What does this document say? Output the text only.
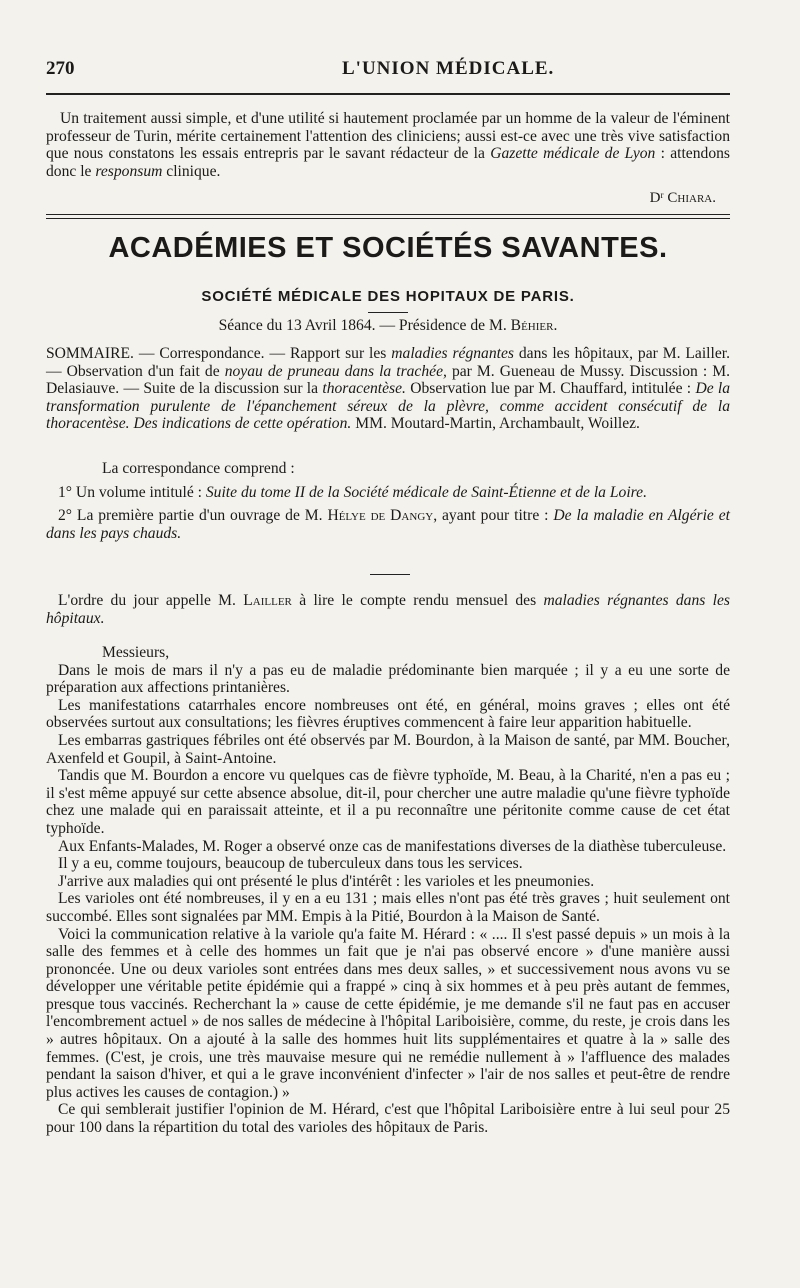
270	L'UNION MÉDICALE.

Un traitement aussi simple, et d'une utilité si hautement proclamée par un homme de la valeur de l'éminent professeur de Turin, mérite certainement l'attention des cliniciens; aussi est-ce avec une très vive satisfaction que nous constatons les essais entrepris par le savant rédacteur de la Gazette médicale de Lyon : attendons donc le responsum clinique.

Dʳ Chiara.
ACADÉMIES ET SOCIÉTÉS SAVANTES.
SOCIÉTÉ MÉDICALE DES HOPITAUX DE PARIS.
Séance du 13 Avril 1864. — Présidence de M. Béhier.

SOMMAIRE. — Correspondance. — Rapport sur les maladies régnantes dans les hôpitaux, par M. Lailler. — Observation d'un fait de noyau de pruneau dans la trachée, par M. Gueneau de Mussy. Discussion : M. Delasiauve. — Suite de la discussion sur la thoracentèse. Observation lue par M. Chauffard, intitulée : De la transformation purulente de l'épanchement séreux de la plèvre, comme accident consécutif de la thoracentèse. Des indications de cette opération. MM. Moutard-Martin, Archambault, Woillez.

La correspondance comprend :

1° Un volume intitulé : Suite du tome II de la Société médicale de Saint-Étienne et de la Loire.

2° La première partie d'un ouvrage de M. Hélye de Dangy, ayant pour titre : De la maladie en Algérie et dans les pays chauds.

L'ordre du jour appelle M. Lailler à lire le compte rendu mensuel des maladies régnantes dans les hôpitaux.

Messieurs,

Dans le mois de mars il n'y a pas eu de maladie prédominante bien marquée ; il y a eu une sorte de préparation aux affections printanières.

Les manifestations catarrhales encore nombreuses ont été, en général, moins graves ; elles ont été observées surtout aux consultations; les fièvres éruptives commencent à faire leur apparition habituelle.

Les embarras gastriques fébriles ont été observés par M. Bourdon, à la Maison de santé, par MM. Boucher, Axenfeld et Goupil, à Saint-Antoine.

Tandis que M. Bourdon a encore vu quelques cas de fièvre typhoïde, M. Beau, à la Charité, n'en a pas eu ; il s'est même appuyé sur cette absence absolue, dit-il, pour chercher une autre maladie qu'une fièvre typhoïde chez une malade qui en paraissait atteinte, et il a pu reconnaître une péritonite comme cause de cet état typhoïde.

Aux Enfants-Malades, M. Roger a observé onze cas de manifestations diverses de la diathèse tuberculeuse.

Il y a eu, comme toujours, beaucoup de tuberculeux dans tous les services.

J'arrive aux maladies qui ont présenté le plus d'intérêt : les varioles et les pneumonies.

Les varioles ont été nombreuses, il y en a eu 131 ; mais elles n'ont pas été très graves ; huit seulement ont succombé. Elles sont signalées par MM. Empis à la Pitié, Bourdon à la Maison de Santé.

Voici la communication relative à la variole qu'a faite M. Hérard : « .... Il s'est passé depuis » un mois à la salle des femmes et à celle des hommes un fait que je n'ai pas observé encore » d'une manière aussi prononcée. Une ou deux varioles sont entrées dans mes deux salles, » et successivement nous avons vu se développer une véritable petite épidémie qui a frappé » cinq à six hommes et à peu près autant de femmes, presque tous vaccinés. Recherchant la » cause de cette épidémie, je me demande s'il ne faut pas en accuser l'encombrement actuel » de nos salles de médecine à l'hôpital Lariboisière, comme, du reste, je crois dans les » autres hôpitaux. On a ajouté à la salle des hommes huit lits supplémentaires et quatre à la » salle des femmes. (C'est, je crois, une très mauvaise mesure qui ne remédie nullement à » l'affluence des malades pendant la saison d'hiver, et qui a le grave inconvénient d'infecter » l'air de nos salles et peut-être de rendre plus actives les causes de contagion.) »

Ce qui semblerait justifier l'opinion de M. Hérard, c'est que l'hôpital Lariboisière entre à lui seul pour 25 pour 100 dans la répartition du total des varioles des hôpitaux de Paris.
